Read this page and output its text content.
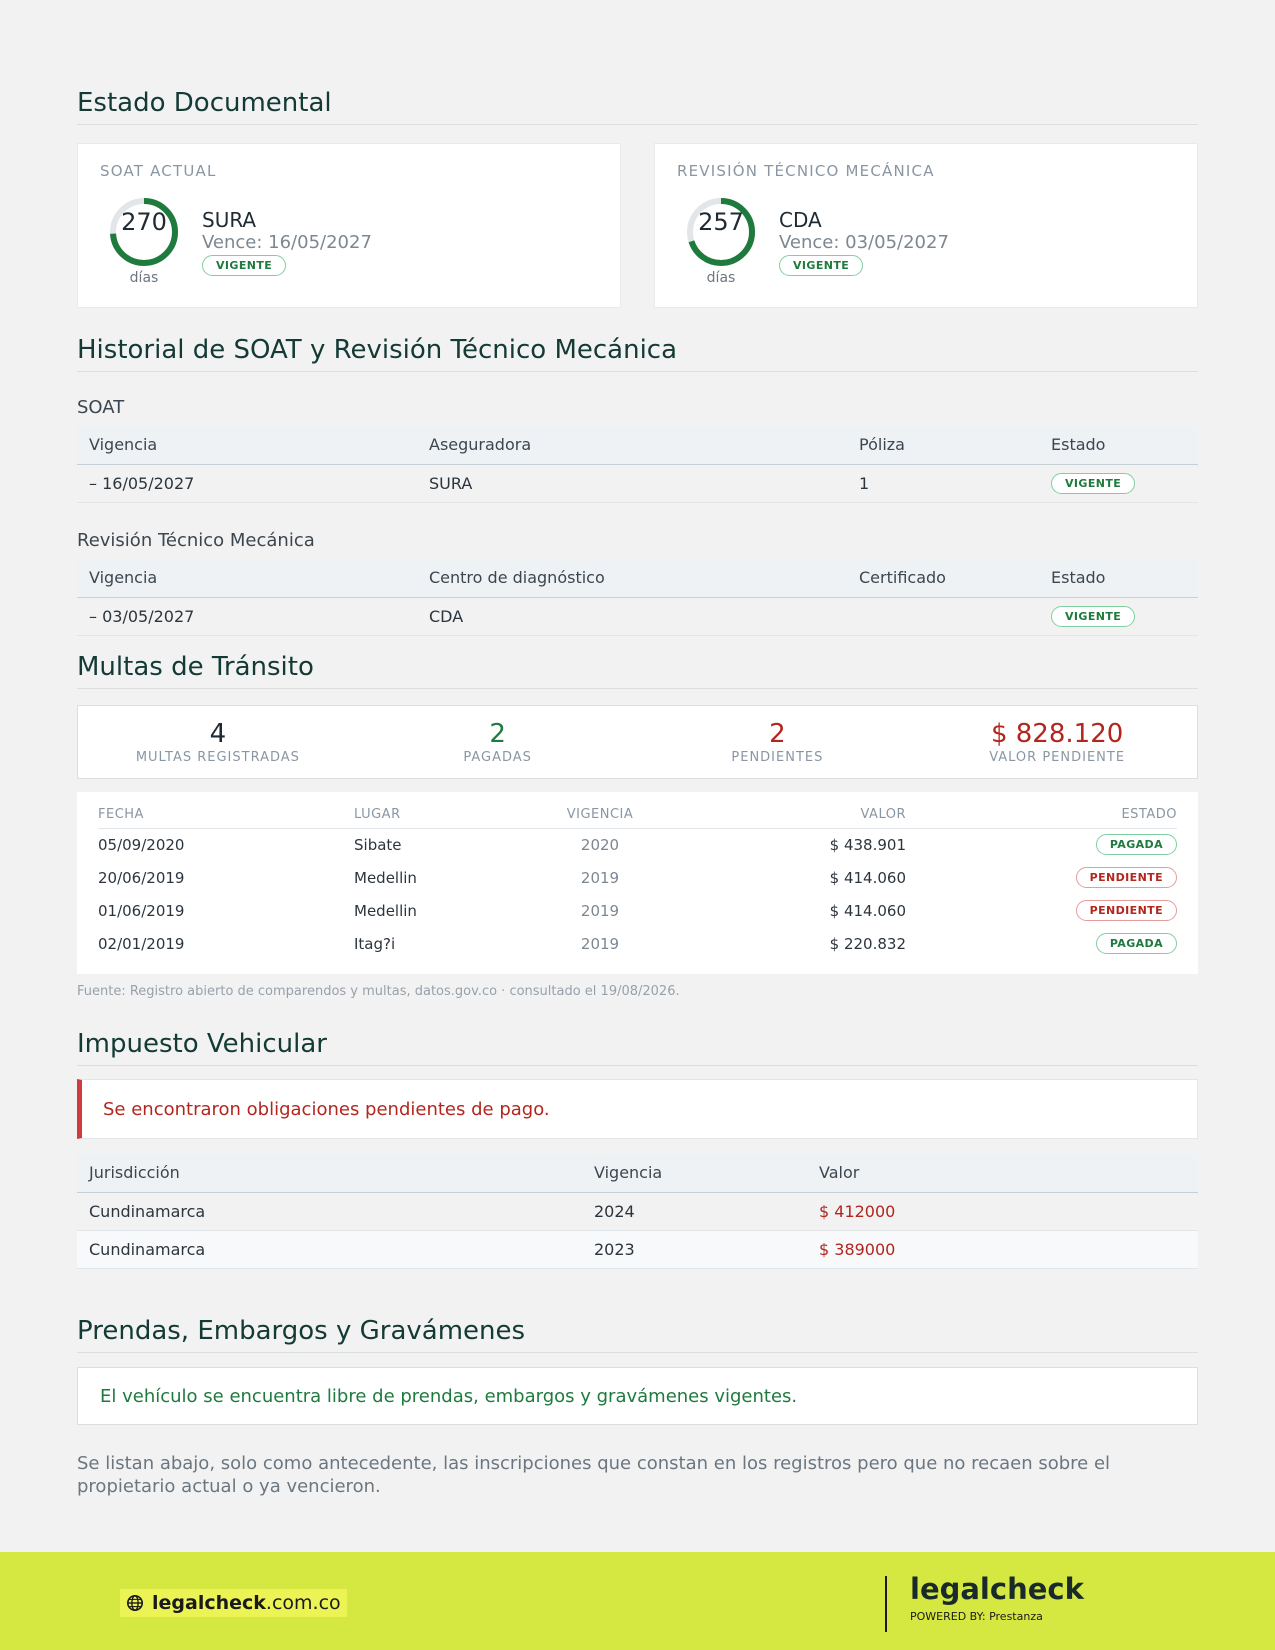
Estado Documental
SOAT ACTUAL
270
días
SURA
Vence: 16/05/2027
VIGENTE
REVISIÓN TÉCNICO MECÁNICA
257
días
CDA
Vence: 03/05/2027
VIGENTE
Historial de SOAT y Revisión Técnico Mecánica
SOAT
Vigencia	Aseguradora	Póliza	Estado
– 16/05/2027	SURA	1	VIGENTE
Revisión Técnico Mecánica
Vigencia	Centro de diagnóstico	Certificado	Estado
– 03/05/2027	CDA		VIGENTE
Multas de Tránsito
4
MULTAS REGISTRADAS
2
PAGADAS
2
PENDIENTES
$ 828.120
VALOR PENDIENTE
FECHA	LUGAR	VIGENCIA	VALOR	ESTADO
05/09/2020	Sibate	2020	$ 438.901	PAGADA
20/06/2019	Medellin	2019	$ 414.060	PENDIENTE
01/06/2019	Medellin	2019	$ 414.060	PENDIENTE
02/01/2019	Itag?i	2019	$ 220.832	PAGADA
Fuente: Registro abierto de comparendos y multas, datos.gov.co · consultado el 19/08/2026.
Impuesto Vehicular
Se encontraron obligaciones pendientes de pago.
Jurisdicción	Vigencia	Valor
Cundinamarca	2024	$ 412000
Cundinamarca	2023	$ 389000
Prendas, Embargos y Gravámenes
El vehículo se encuentra libre de prendas, embargos y gravámenes vigentes.

Se listan abajo, solo como antecedente, las inscripciones que constan en los registros pero que no recaen sobre el propietario actual o ya vencieron.

legalcheck.com.co	legalcheck
POWERED BY: Prestanza
